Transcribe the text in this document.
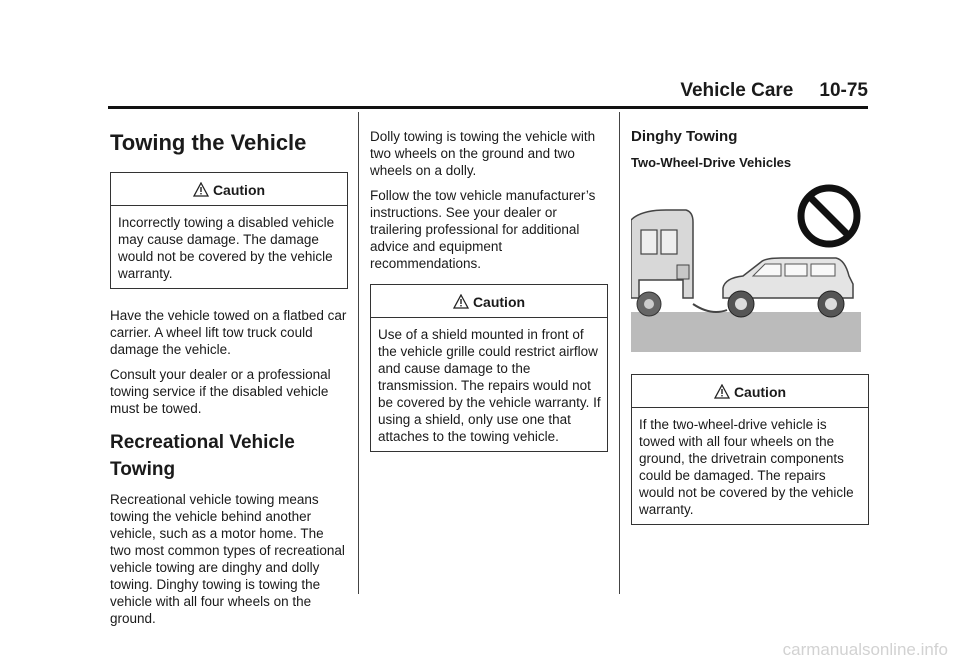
Vehicle Care 10-75
Towing the Vehicle
Caution

Incorrectly towing a disabled vehicle may cause damage. The damage would not be covered by the vehicle warranty.

Have the vehicle towed on a flatbed car carrier. A wheel lift tow truck could damage the vehicle.

Consult your dealer or a professional towing service if the disabled vehicle must be towed.

Recreational Vehicle Towing

Recreational vehicle towing means towing the vehicle behind another vehicle, such as a motor home. The two most common types of recreational vehicle towing are dinghy and dolly towing. Dinghy towing is towing the vehicle with all four wheels on the ground.

Dolly towing is towing the vehicle with two wheels on the ground and two wheels on a dolly.

Follow the tow vehicle manufacturer’s instructions. See your dealer or trailering professional for additional advice and equipment recommendations.

Caution

Use of a shield mounted in front of the vehicle grille could restrict airflow and cause damage to the transmission. The repairs would not be covered by the vehicle warranty. If using a shield, only use one that attaches to the towing vehicle.

Dinghy Towing
Two-Wheel-Drive Vehicles
Caution

If the two-wheel-drive vehicle is towed with all four wheels on the ground, the drivetrain components could be damaged. The repairs would not be covered by the vehicle warranty.

carmanualsonline.info
